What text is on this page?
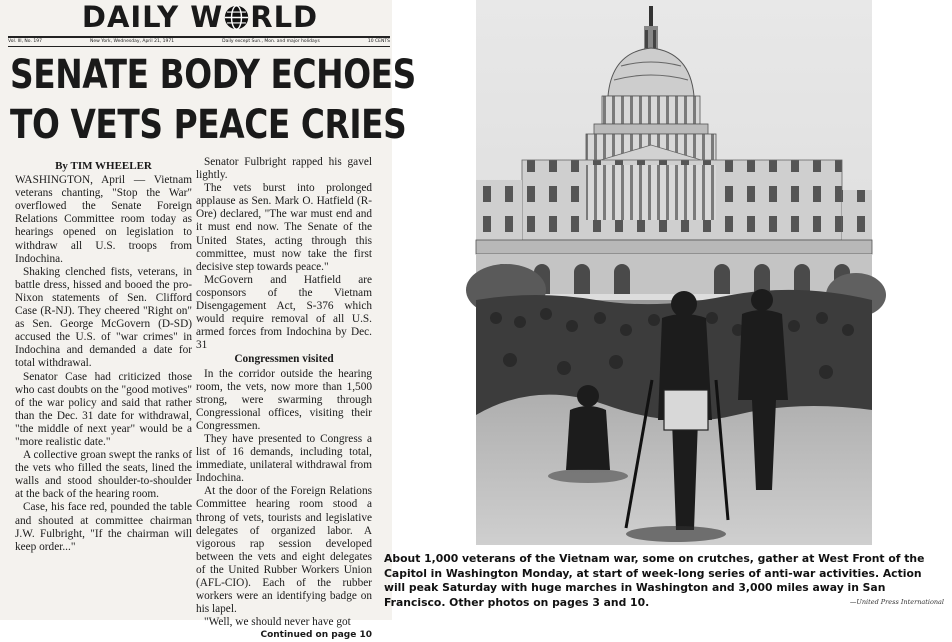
DAILY W RLD
Vol. III, No. 197	New York, Wednesday, April 21, 1971	Daily except Sun., Mon. and major holidays	10 CENTS
SENATE BODY ECHOES
TO VETS PEACE CRIES
By TIM WHEELER

WASHINGTON, April — Vietnam veterans chanting, "Stop the War" overflowed the Senate Foreign Relations Committee room today as hearings opened on legislation to withdraw all U.S. troops from Indochina.

Shaking clenched fists, veterans, in battle dress, hissed and booed the pro-Nixon statements of Sen. Clifford Case (R-NJ). They cheered "Right on" as Sen. George McGovern (D-SD) accused the U.S. of "war crimes" in Indochina and demanded a date for total withdrawal.

Senator Case had criticized those who cast doubts on the "good motives" of the war policy and said that rather than the Dec. 31 date for withdrawal, "the middle of next year" would be a "more realistic date."

A collective groan swept the ranks of the vets who filled the seats, lined the walls and stood shoulder-to-shoulder at the back of the hearing room.

Case, his face red, pounded the table and shouted at committee chairman J.W. Fulbright, "If the chairman will keep order..."

Senator Fulbright rapped his gavel lightly.

The vets burst into prolonged applause as Sen. Mark O. Hatfield (R-Ore) declared, "The war must end and it must end now. The Senate of the United States, acting through this committee, must now take the first decisive step towards peace."

McGovern and Hatfield are cosponsors of the Vietnam Disengagement Act, S-376 which would require removal of all U.S. armed forces from Indochina by Dec. 31

Congressmen visited

In the corridor outside the hearing room, the vets, now more than 1,500 strong, were swarming through Congressional offices, visiting their Congressmen.

They have presented to Congress a list of 16 demands, including total, immediate, unilateral withdrawal from Indochina.

At the door of the Foreign Relations Committee hearing room stood a throng of vets, tourists and legislative delegates of organized labor. A vigorous rap session developed between the vets and eight delegates of the United Rubber Workers Union (AFL-CIO). Each of the rubber workers were an identifying badge on his lapel.

"Well, we should never have got

Continued on page 10
About 1,000 veterans of the Vietnam war, some on crutches, gather at West Front of the Capitol in Washington Monday, at start of week-long series of anti-war activities. Action will peak Saturday with huge marches in Washington and 3,000 miles away in San Francisco. Other photos on pages 3 and 10.	—United Press International
